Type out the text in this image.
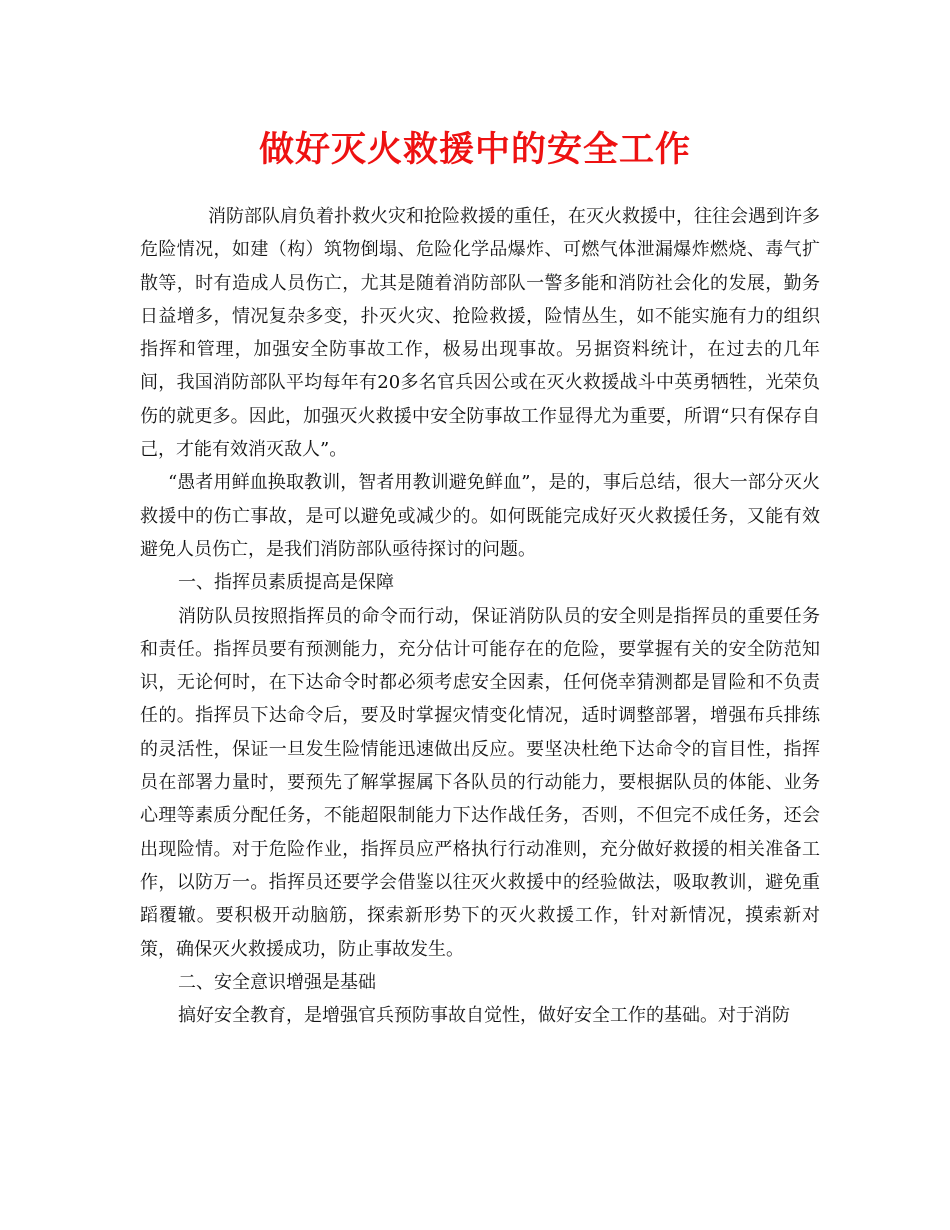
做好灭火救援中的安全工作

消防部队肩负着扑救火灾和抢险救援的重任，在灭火救援中，往往会遇到许多危险情况，如建（构）筑物倒塌、危险化学品爆炸、可燃气体泄漏爆炸燃烧、毒气扩散等，时有造成人员伤亡，尤其是随着消防部队一警多能和消防社会化的发展，勤务日益增多，情况复杂多变，扑灭火灾、抢险救援，险情丛生，如不能实施有力的组织指挥和管理，加强安全防事故工作，极易出现事故。另据资料统计，在过去的几年间，我国消防部队平均每年有20多名官兵因公或在灭火救援战斗中英勇牺牲，光荣负伤的就更多。因此，加强灭火救援中安全防事故工作显得尤为重要，所谓“只有保存自己，才能有效消灭敌人”。

“愚者用鲜血换取教训，智者用教训避免鲜血”，是的，事后总结，很大一部分灭火救援中的伤亡事故，是可以避免或减少的。如何既能完成好灭火救援任务，又能有效避免人员伤亡，是我们消防部队亟待探讨的问题。

一、指挥员素质提高是保障

消防队员按照指挥员的命令而行动，保证消防队员的安全则是指挥员的重要任务和责任。指挥员要有预测能力，充分估计可能存在的危险，要掌握有关的安全防范知识，无论何时，在下达命令时都必须考虑安全因素，任何侥幸猜测都是冒险和不负责任的。指挥员下达命令后，要及时掌握灾情变化情况，适时调整部署，增强布兵排练的灵活性，保证一旦发生险情能迅速做出反应。要坚决杜绝下达命令的盲目性，指挥员在部署力量时，要预先了解掌握属下各队员的行动能力，要根据队员的体能、业务心理等素质分配任务，不能超限制能力下达作战任务，否则，不但完不成任务，还会出现险情。对于危险作业，指挥员应严格执行行动准则，充分做好救援的相关准备工作，以防万一。指挥员还要学会借鉴以往灭火救援中的经验做法，吸取教训，避免重蹈覆辙。要积极开动脑筋，探索新形势下的灭火救援工作，针对新情况，摸索新对策，确保灭火救援成功，防止事故发生。

二、安全意识增强是基础

搞好安全教育，是增强官兵预防事故自觉性，做好安全工作的基础。对于消防
